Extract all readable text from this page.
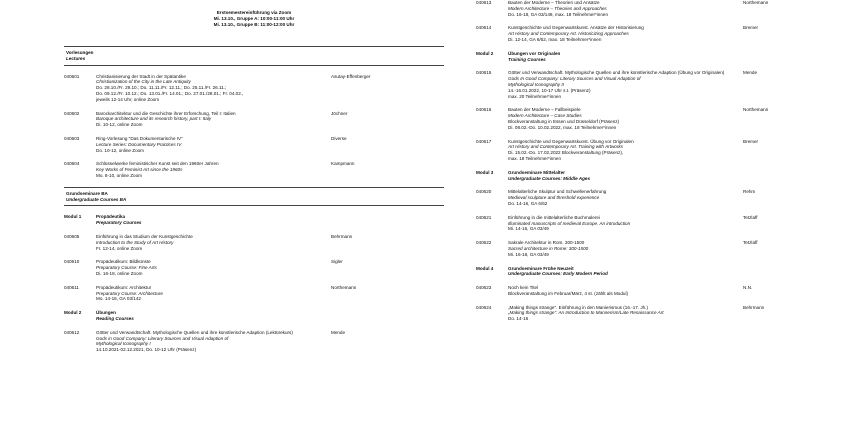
Erstsemestereinführung via Zoom
Mi. 13.10., Gruppe A: 10:00-11:00 Uhr
Mi. 13.10., Gruppe B: 11:00-12:00 Uhr
Vorlesungen
Lectures
040601	Christianisierung der Stadt in der Spätantike
Christianization of the City in the Late Antiquity
Do. 28.10./Fr. 29.10.; Do. 11.11./Fr. 12.11.; Do. 25.11./Fr. 26.11.;
Do. 09.12./Fr. 10.12.; Do. 13.01./Fr. 14.01.; Do. 27.01./28.01.; Fr. 04.02.,
jeweils 12-14 Uhr, online Zoom
Asutay-Effenberger
040602	Barockarchitektur und die Geschichte ihrer Erforschung, Teil I: Italien
Baroque architecture and its research history, part I: Italy
Di. 10-12, online Zoom
Jöchner
040603	Ring-Vorlesung "Das Dokumentarische IV"
Lecture Series: Documentary Practices IV
Do. 10-12, online Zoom
Diverse
040604	Schlüsselwerke feministischer Kunst seit den 1960er Jahren
Key Works of Feminist Art since the 1960s
Mo. 8-10, online Zoom
Kampmann
Grundseminare BA
Undergraduate Courses BA
Modul 1	Propädeutika
Preparatory Courses
040605	Einführung in das Studium der Kunstgeschichte
Introduction to the Study of Art History
Fr. 12-14, online Zoom
Behrmann
040610	Propädeutikum: Bildkünste
Preparatory Course: Fine Arts
Di. 16-18, online Zoom
Sigler
040611	Propädeutikum: Architektur
Preparatory Course: Architecture
Mo. 14-16, GA 03/142
Northemann
Modul 2	Übungen
Reading Courses
040612	Götter und Verwandtschaft. Mythologische Quellen und ihre künstlerische Adaption (Lektürekurs)
Gods in Good Company: Literary Sources and Visual Adaption of
Mythological Iconography I
14.10.2021-02.12.2021, Do. 10-12 Uhr (Präsenz)
Mende
040613	Bauten der Moderne – Theorien und Ansätze
Modern Architecture – Theories and Approaches
Do. 16-18, GA 03/149, max. 18 Teilnehmer*innen
Northemann
040614	Kunstgeschichte und Gegenwartskunst. Ansätze der Historisierung
Art History and Contemporary Art. Historicizing Approaches
Di. 12-14, GA 6/62, max. 18 Teilnehmer*innen
Bremer
Modul 2	Übungen vor Originalen
Training Courses
040615	Götter und Verwandtschaft. Mythologische Quellen und ihre künstlerische Adaption (Übung vor Originalen)
Gods In Good Company: Literary Sources and Visual Adaption of
Mythological Iconography II
14.-16.01.2022, 10-17 Uhr s.t. (Präsenz)
max. 20 Teilnehmer*innen
Mende
040616	Bauten der Moderne – Fallbeispiele
Modern Architecture – Case Studies
Blockveranstaltung in Essen und Düsseldorf (Präsenz)
Di. 08.02.-Do. 10.02.2022, max. 18 Teilnehmer*innen
Northemann
040617	Kunstgeschichte und Gegenwartskunst. Übung vor Originalen
Art History and Contemporary Art. Training with Artworks
Di. 15.02.-Do. 17.02.2022 Blockveranstaltung (Präsenz),
max. 18 Teilnehmer*innen
Bremer
Modul 3	Grundseminare Mittelalter
Undergraduate Courses: Middle Ages
040620	Mittelalterliche Skulptur und Schwellenerfahrung
Medieval sculpture and threshold experience
Do. 14-16, GA 6/62
Rehm
040621	Einführung in die mittelalterliche Buchmalerei
Illuminated manuscripts of medieval Europe. An introduction
Mi. 14-16, GA 03/49
Tetzlaff
040622	Sakrale Architektur in Rom. 300-1500
Sacred architecture in Rome: 300-1500
Mi. 16-18, GA 03/49
Tetzlaff
Modul 4	Grundseminare Frühe Neuzeit
Undergraduate Courses: Early Modern Period
040623	Noch kein Titel
Blockveranstaltung im Februar/März, 4 st. (zählt als Modul)
N.N.
040624	„Making things strange". Einführung in den Manierismus (16.-17. Jh.)
„Making things strange". An Introduction to Mannerism/Late Renaissance Art
Do. 14-16
Behrmann
